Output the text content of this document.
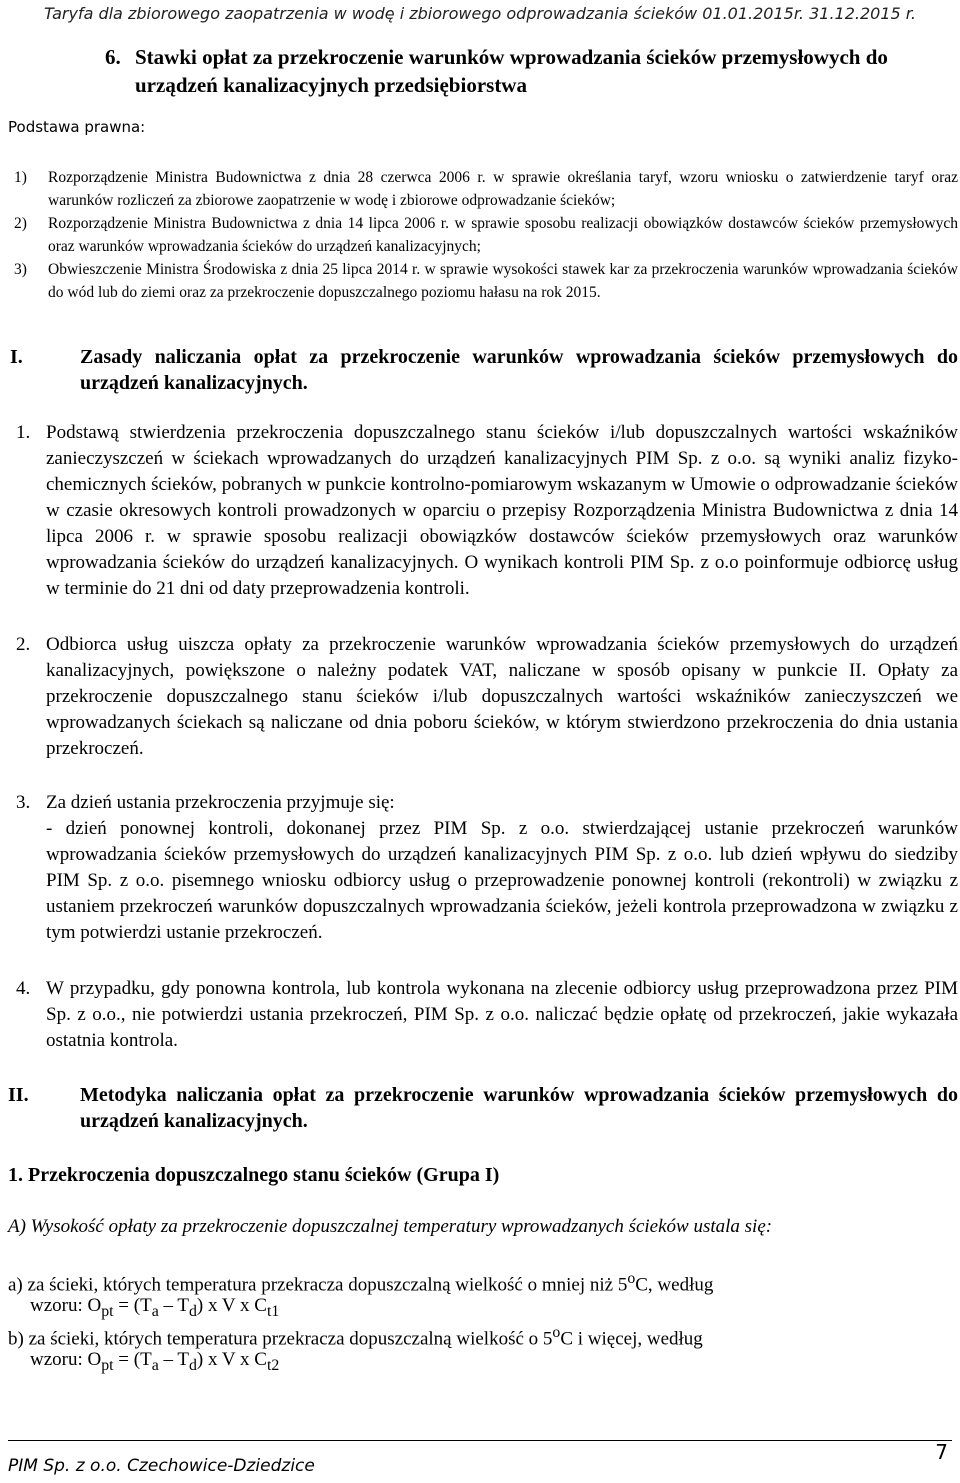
Taryfa dla zbiorowego zaopatrzenia w wodę i zbiorowego odprowadzania ścieków 01.01.2015r. 31.12.2015 r.
6. Stawki opłat za przekroczenie warunków wprowadzania ścieków przemysłowych do urządzeń kanalizacyjnych przedsiębiorstwa
Podstawa prawna:
1) Rozporządzenie Ministra Budownictwa z dnia 28 czerwca 2006 r. w sprawie określania taryf, wzoru wniosku o zatwierdzenie taryf oraz warunków rozliczeń za zbiorowe zaopatrzenie w wodę i zbiorowe odprowadzanie ścieków;
2) Rozporządzenie Ministra Budownictwa z dnia 14 lipca 2006 r. w sprawie sposobu realizacji obowiązków dostawców ścieków przemysłowych oraz warunków wprowadzania ścieków do urządzeń kanalizacyjnych;
3) Obwieszczenie Ministra Środowiska z dnia 25 lipca 2014 r. w sprawie wysokości stawek kar za przekroczenia warunków wprowadzania ścieków do wód lub do ziemi oraz za przekroczenie dopuszczalnego poziomu hałasu na rok 2015.
I.	Zasady naliczania opłat za przekroczenie warunków wprowadzania ścieków przemysłowych do urządzeń kanalizacyjnych.
1. Podstawą stwierdzenia przekroczenia dopuszczalnego stanu ścieków i/lub dopuszczalnych wartości wskaźników zanieczyszczeń w ściekach wprowadzanych do urządzeń kanalizacyjnych PIM Sp. z o.o. są wyniki analiz fizyko-chemicznych ścieków, pobranych w punkcie kontrolno-pomiarowym wskazanym w Umowie o odprowadzanie ścieków w czasie okresowych kontroli prowadzonych w oparciu o przepisy Rozporządzenia Ministra Budownictwa z dnia 14 lipca 2006 r. w sprawie sposobu realizacji obowiązków dostawców ścieków przemysłowych oraz warunków wprowadzania ścieków do urządzeń kanalizacyjnych. O wynikach kontroli PIM Sp. z o.o poinformuje odbiorcę usług w terminie do 21 dni od daty przeprowadzenia kontroli.
2. Odbiorca usług uiszcza opłaty za przekroczenie warunków wprowadzania ścieków przemysłowych do urządzeń kanalizacyjnych, powiększone o należny podatek VAT, naliczane w sposób opisany w punkcie II. Opłaty za przekroczenie dopuszczalnego stanu ścieków i/lub dopuszczalnych wartości wskaźników zanieczyszczeń we wprowadzanych ściekach są naliczane od dnia poboru ścieków, w którym stwierdzono przekroczenia do dnia ustania przekroczeń.
3. Za dzień ustania przekroczenia przyjmuje się:
- dzień ponownej kontroli, dokonanej przez PIM Sp. z o.o. stwierdzającej ustanie przekroczeń warunków wprowadzania ścieków przemysłowych do urządzeń kanalizacyjnych PIM Sp. z o.o. lub dzień wpływu do siedziby PIM Sp. z o.o. pisemnego wniosku odbiorcy usług o przeprowadzenie ponownej kontroli (rekontroli) w związku z ustaniem przekroczeń warunków dopuszczalnych wprowadzania ścieków, jeżeli kontrola przeprowadzona w związku z tym potwierdzi ustanie przekroczeń.
4. W przypadku, gdy ponowna kontrola, lub kontrola wykonana na zlecenie odbiorcy usług przeprowadzona przez PIM Sp. z o.o., nie potwierdzi ustania przekroczeń, PIM Sp. z o.o. naliczać będzie opłatę od przekroczeń, jakie wykazała ostatnia kontrola.
II.	Metodyka naliczania opłat za przekroczenie warunków wprowadzania ścieków przemysłowych do urządzeń kanalizacyjnych.
1. Przekroczenia dopuszczalnego stanu ścieków (Grupa I)
A) Wysokość opłaty za przekroczenie dopuszczalnej temperatury wprowadzanych ścieków ustala się:
a) za ścieki, których temperatura przekracza dopuszczalną wielkość o mniej niż 5$^o$C, według
wzoru: $O_{pt} = (T_a - T_d)$ x V x $C_{t1}$
b) za ścieki, których temperatura przekracza dopuszczalną wielkość o 5$^o$C i więcej, według
wzoru: $O_{pt} = (T_a - T_d)$ x V x $C_{t2}$
PIM Sp. z o.o. Czechowice-Dziedzice
7
